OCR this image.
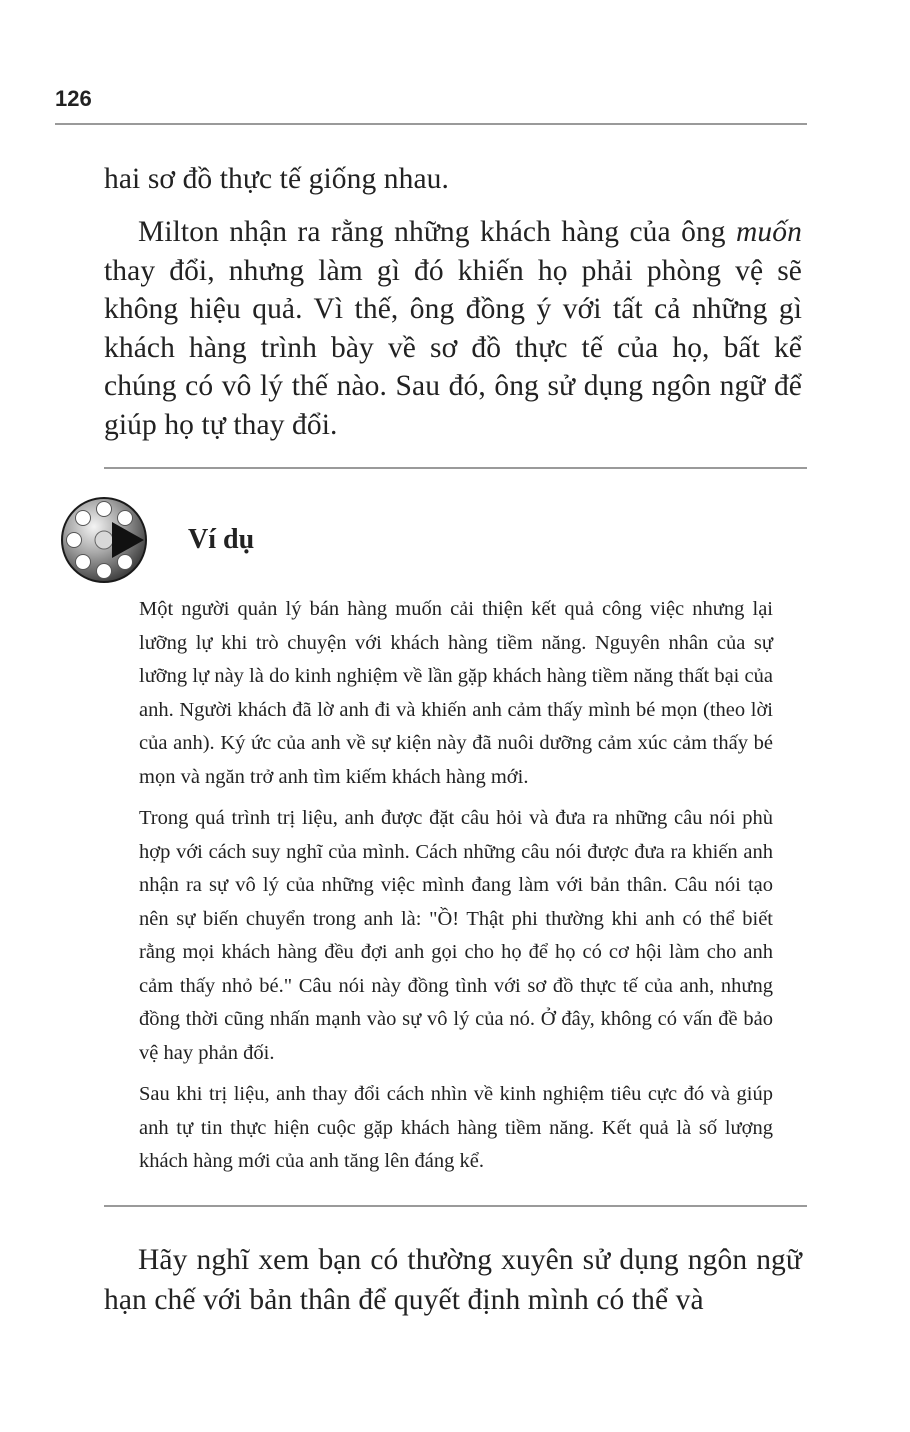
126

hai sơ đồ thực tế giống nhau.

Milton nhận ra rằng những khách hàng của ông muốn thay đổi, nhưng làm gì đó khiến họ phải phòng vệ sẽ không hiệu quả. Vì thế, ông đồng ý với tất cả những gì khách hàng trình bày về sơ đồ thực tế của họ, bất kể chúng có vô lý thế nào. Sau đó, ông sử dụng ngôn ngữ để giúp họ tự thay đổi.

Ví dụ

Một người quản lý bán hàng muốn cải thiện kết quả công việc nhưng lại lưỡng lự khi trò chuyện với khách hàng tiềm năng. Nguyên nhân của sự lưỡng lự này là do kinh nghiệm về lần gặp khách hàng tiềm năng thất bại của anh. Người khách đã lờ anh đi và khiến anh cảm thấy mình bé mọn (theo lời của anh). Ký ức của anh về sự kiện này đã nuôi dưỡng cảm xúc cảm thấy bé mọn và ngăn trở anh tìm kiếm khách hàng mới.

Trong quá trình trị liệu, anh được đặt câu hỏi và đưa ra những câu nói phù hợp với cách suy nghĩ của mình. Cách những câu nói được đưa ra khiến anh nhận ra sự vô lý của những việc mình đang làm với bản thân. Câu nói tạo nên sự biến chuyển trong anh là: "Ồ! Thật phi thường khi anh có thể biết rằng mọi khách hàng đều đợi anh gọi cho họ để họ có cơ hội làm cho anh cảm thấy nhỏ bé." Câu nói này đồng tình với sơ đồ thực tế của anh, nhưng đồng thời cũng nhấn mạnh vào sự vô lý của nó. Ở đây, không có vấn đề bảo vệ hay phản đối.

Sau khi trị liệu, anh thay đổi cách nhìn về kinh nghiệm tiêu cực đó và giúp anh tự tin thực hiện cuộc gặp khách hàng tiềm năng. Kết quả là số lượng khách hàng mới của anh tăng lên đáng kể.

Hãy nghĩ xem bạn có thường xuyên sử dụng ngôn ngữ hạn chế với bản thân để quyết định mình có thể và
